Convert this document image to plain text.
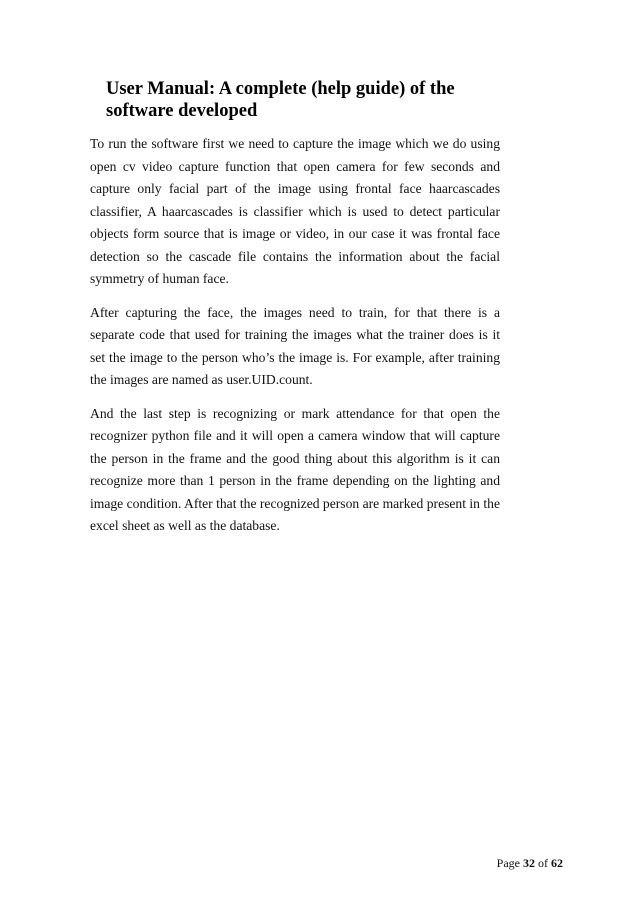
User Manual: A complete (help guide) of the software developed

To run the software first we need to capture the image which we do using open cv video capture function that open camera for few seconds and capture only facial part of the image using frontal face haarcascades classifier, A haarcascades is classifier which is used to detect particular objects form source that is image or video, in our case it was frontal face detection so the cascade file contains the information about the facial symmetry of human face.

After capturing the face, the images need to train, for that there is a separate code that used for training the images what the trainer does is it set the image to the person who’s the image is. For example, after training the images are named as user.UID.count.

And the last step is recognizing or mark attendance for that open the recognizer python file and it will open a camera window that will capture the person in the frame and the good thing about this algorithm is it can recognize more than 1 person in the frame depending on the lighting and image condition. After that the recognized person are marked present in the excel sheet as well as the database.

Page 32 of 62
